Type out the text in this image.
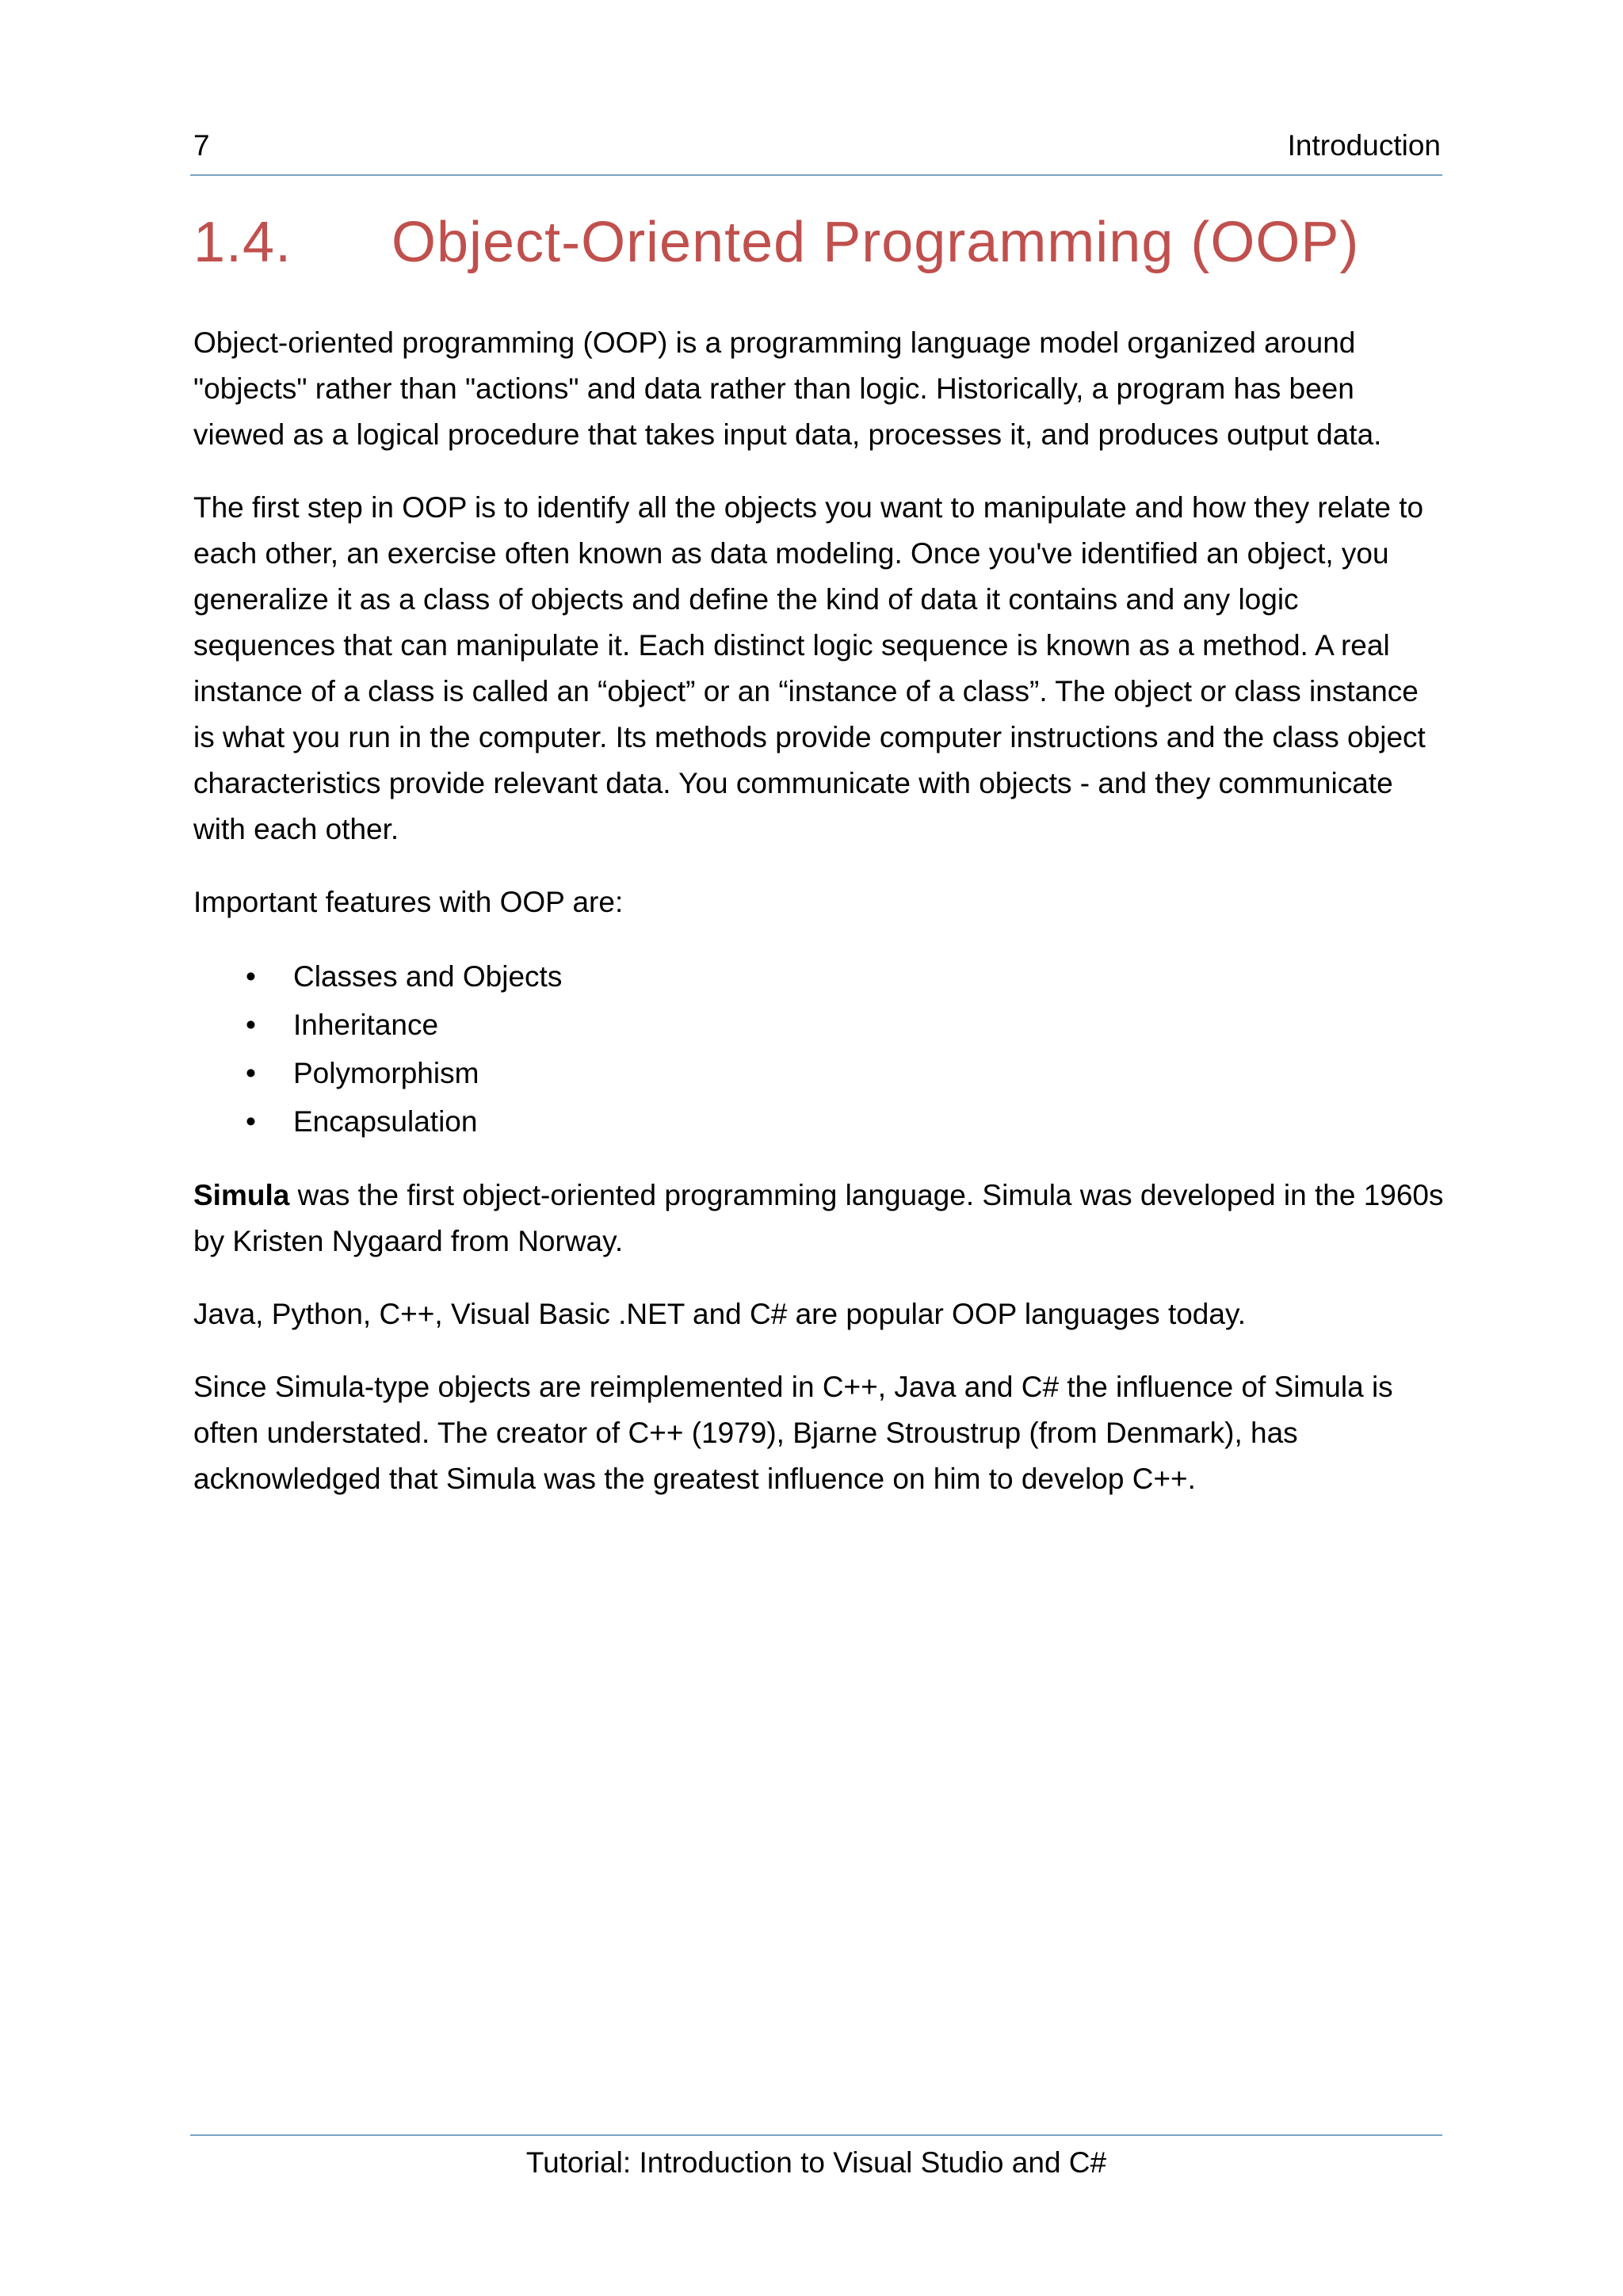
7	Introduction
1.4. Object-Oriented Programming (OOP)

Object-oriented programming (OOP) is a programming language model organized around "objects" rather than "actions" and data rather than logic. Historically, a program has been viewed as a logical procedure that takes input data, processes it, and produces output data.

The first step in OOP is to identify all the objects you want to manipulate and how they relate to each other, an exercise often known as data modeling. Once you've identified an object, you generalize it as a class of objects and define the kind of data it contains and any logic sequences that can manipulate it. Each distinct logic sequence is known as a method. A real instance of a class is called an “object” or an “instance of a class”. The object or class instance is what you run in the computer. Its methods provide computer instructions and the class object characteristics provide relevant data. You communicate with objects - and they communicate with each other.

Important features with OOP are:

• Classes and Objects
• Inheritance
• Polymorphism
• Encapsulation

Simula was the first object-oriented programming language. Simula was developed in the 1960s by Kristen Nygaard from Norway.

Java, Python, C++, Visual Basic .NET and C# are popular OOP languages today.

Since Simula-type objects are reimplemented in C++, Java and C# the influence of Simula is often understated. The creator of C++ (1979), Bjarne Stroustrup (from Denmark), has acknowledged that Simula was the greatest influence on him to develop C++.

Tutorial: Introduction to Visual Studio and C#
